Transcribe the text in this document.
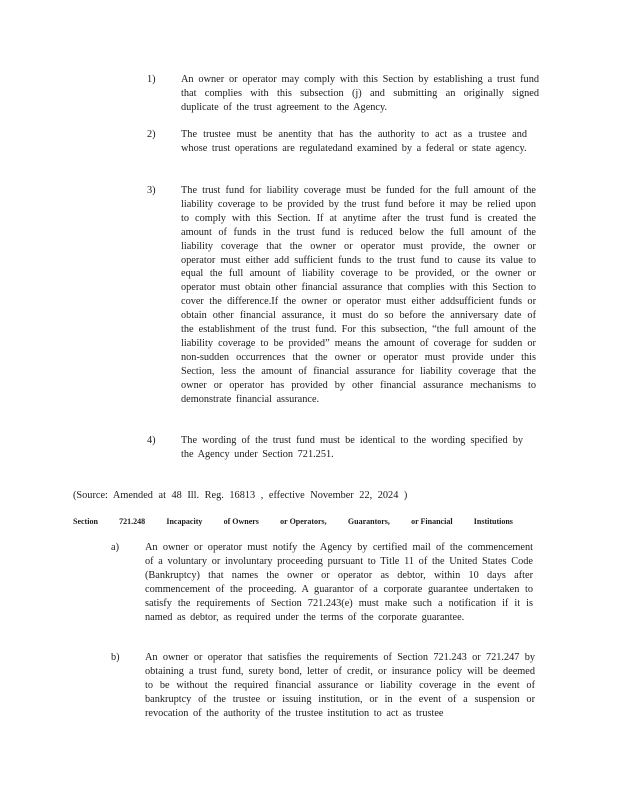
1) An owner or operator may comply with this Section by establishing a trust fund that complies with this subsection (j) and submitting an originally signed duplicate of the trust agreement to the Agency.

2) The trustee must be anentity that has the authority to act as a trustee and whose trust operations are regulatedand examined by a federal or state agency.

3) The trust fund for liability coverage must be funded for the full amount of the liability coverage to be provided by the trust fund before it may be relied upon to comply with this Section. If at anytime after the trust fund is created the amount of funds in the trust fund is reduced below the full amount of the liability coverage that the owner or operator must provide, the owner or operator must either add sufficient funds to the trust fund to cause its value to equal the full amount of liability coverage to be provided, or the owner or operator must obtain other financial assurance that complies with this Section to cover the difference.If the owner or operator must either addsufficient funds or obtain other financial assurance, it must do so before the anniversary date of the establishment of the trust fund. For this subsection, “the full amount of the liability coverage to be provided” means the amount of coverage for sudden or non-sudden occurrences that the owner or operator must provide under this Section, less the amount of financial assurance for liability coverage that the owner or operator has provided by other financial assurance mechanisms to demonstrate financial assurance.

4) The wording of the trust fund must be identical to the wording specified by the Agency under Section 721.251.

(Source: Amended at 48 Ill. Reg. 16813 , effective November 22, 2024 )

Section	721.248	Incapacity	of Owners	or Operators,	Guarantors,	or Financial	Institutions
a)	An owner or operator must notify the Agency by certified mail of the commencement of a voluntary or involuntary proceeding pursuant to Title 11 of the United States Code (Bankruptcy) that names the owner or operator as debtor, within 10 days after commencement of the proceeding. A guarantor of a corporate guarantee undertaken to satisfy the requirements of Section 721.243(e) must make such a notification if it is named as debtor, as required under the terms of the corporate guarantee.

b) An owner or operator that satisfies the requirements of Section 721.243 or 721.247 by obtaining a trust fund, surety bond, letter of credit, or insurance policy will be deemed to be without the required financial assurance or liability coverage in the event of bankruptcy of the trustee or issuing institution, or in the event of a suspension or revocation of the authority of the trustee institution to act as trustee
